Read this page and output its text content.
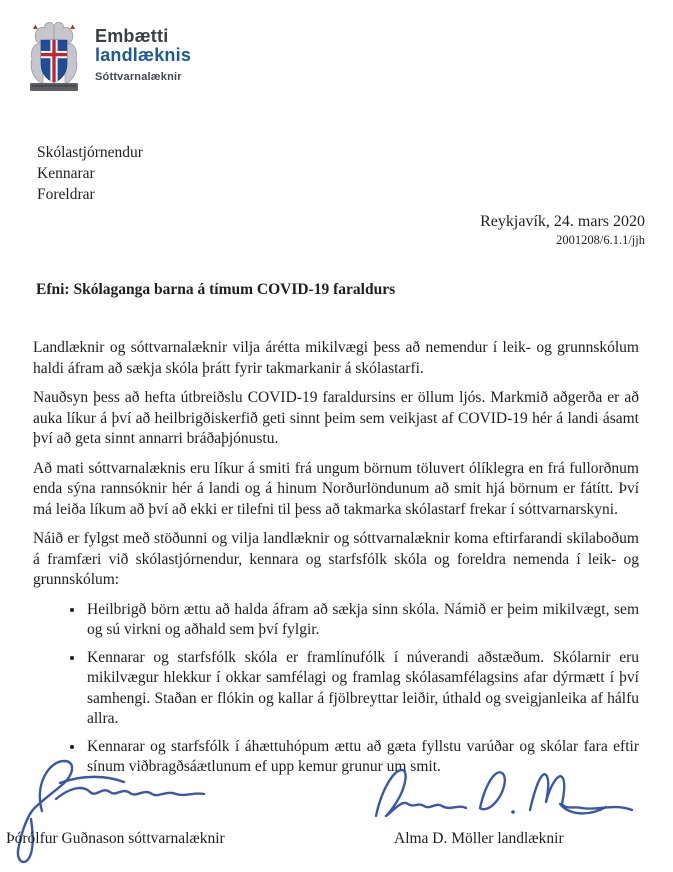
Embætti
landlæknis
Sóttvarnalæknir
Skólastjórnendur
Kennarar
Foreldrar
Reykjavík, 24. mars 2020
2001208/6.1.1/jjh
Efni: Skólaganga barna á tímum COVID-19 faraldurs

Landlæknir og sóttvarnalæknir vilja árétta mikilvægi þess að nemendur í leik- og grunnskólum haldi áfram að sækja skóla þrátt fyrir takmarkanir á skólastarfi.

Nauðsyn þess að hefta útbreiðslu COVID-19 faraldursins er öllum ljós. Markmið aðgerða er að auka líkur á því að heilbrigðiskerfið geti sinnt þeim sem veikjast af COVID-19 hér á landi ásamt því að geta sinnt annarri bráðaþjónustu.

Að mati sóttvarnalæknis eru líkur á smiti frá ungum börnum töluvert ólíklegra en frá fullorðnum enda sýna rannsóknir hér á landi og á hinum Norðurlöndunum að smit hjá börnum er fátítt. Því má leiða líkum að því að ekki er tilefni til þess að takmarka skólastarf frekar í sóttvarnarskyni.

Náið er fylgst með stöðunni og vilja landlæknir og sóttvarnalæknir koma eftirfarandi skilaboðum á framfæri við skólastjórnendur, kennara og starfsfólk skóla og foreldra nemenda í leik- og grunnskólum:

• Heilbrigð börn ættu að halda áfram að sækja sinn skóla. Námið er þeim mikilvægt, sem og sú virkni og aðhald sem því fylgir.
• Kennarar og starfsfólk skóla er framlínufólk í núverandi aðstæðum. Skólarnir eru mikilvægur hlekkur í okkar samfélagi og framlag skólasamfélagsins afar dýrmætt í því samhengi. Staðan er flókin og kallar á fjölbreyttar leiðir, úthald og sveigjanleika af hálfu allra.
• Kennarar og starfsfólk í áhættuhópum ættu að gæta fyllstu varúðar og skólar fara eftir sínum viðbragðsáætlunum ef upp kemur grunur um smit.
Þórólfur Guðnason sóttvarnalæknir	Alma D. Möller landlæknir
